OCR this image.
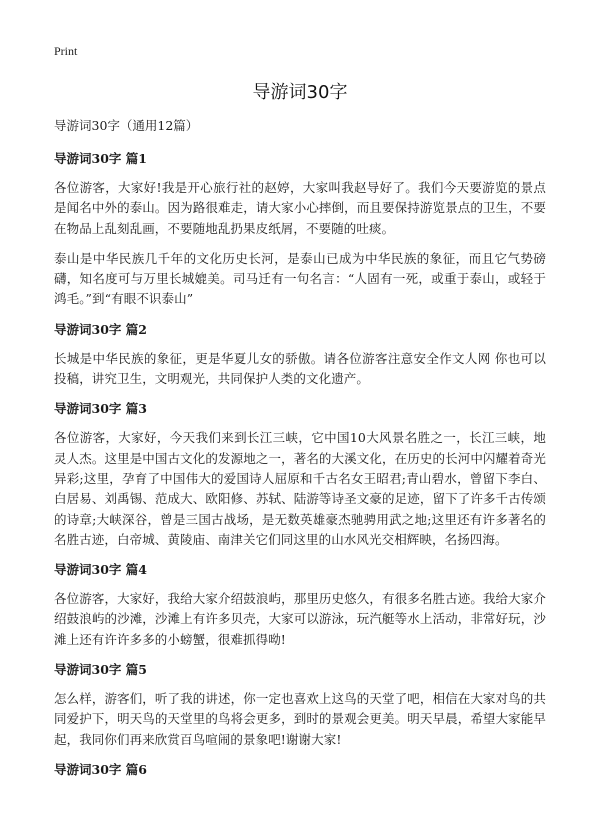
Print
导游词30字

导游词30字（通用12篇）

导游词30字 篇1

各位游客，大家好!我是开心旅行社的赵婷，大家叫我赵导好了。我们今天要游览的景点是闻名中外的泰山。因为路很难走，请大家小心摔倒，而且要保持游览景点的卫生，不要在物品上乱刻乱画，不要随地乱扔果皮纸屑，不要随的吐痰。

泰山是中华民族几千年的文化历史长河，是泰山已成为中华民族的象征，而且它气势磅礴，知名度可与万里长城媲美。司马迁有一句名言：“人固有一死，或重于泰山，或轻于鸿毛。”到“有眼不识泰山”

导游词30字 篇2

长城是中华民族的象征，更是华夏儿女的骄傲。请各位游客注意安全作文人网 你也可以投稿，讲究卫生，文明观光，共同保护人类的文化遗产。

导游词30字 篇3

各位游客，大家好，今天我们来到长江三峡，它中国10大风景名胜之一，长江三峡，地灵人杰。这里是中国古文化的发源地之一，著名的大溪文化，在历史的长河中闪耀着奇光异彩;这里，孕育了中国伟大的爱国诗人屈原和千古名女王昭君;青山碧水，曾留下李白、白居易、刘禹锡、范成大、欧阳修、苏轼、陆游等诗圣文豪的足迹，留下了许多千古传颂的诗章;大峡深谷，曾是三国古战场，是无数英雄豪杰驰骋用武之地;这里还有许多著名的名胜古迹，白帝城、黄陵庙、南津关它们同这里的山水风光交相辉映，名扬四海。

导游词30字 篇4

各位游客，大家好，我给大家介绍鼓浪屿，那里历史悠久，有很多名胜古迹。我给大家介绍鼓浪屿的沙滩，沙滩上有许多贝壳，大家可以游泳，玩汽艇等水上活动，非常好玩，沙滩上还有许许多多的小螃蟹，很难抓得呦!

导游词30字 篇5

怎么样，游客们，听了我的讲述，你一定也喜欢上这鸟的天堂了吧，相信在大家对鸟的共同爱护下，明天鸟的天堂里的鸟将会更多，到时的景观会更美。明天早晨，希望大家能早起，我同你们再来欣赏百鸟喧闹的景象吧!谢谢大家!

导游词30字 篇6
